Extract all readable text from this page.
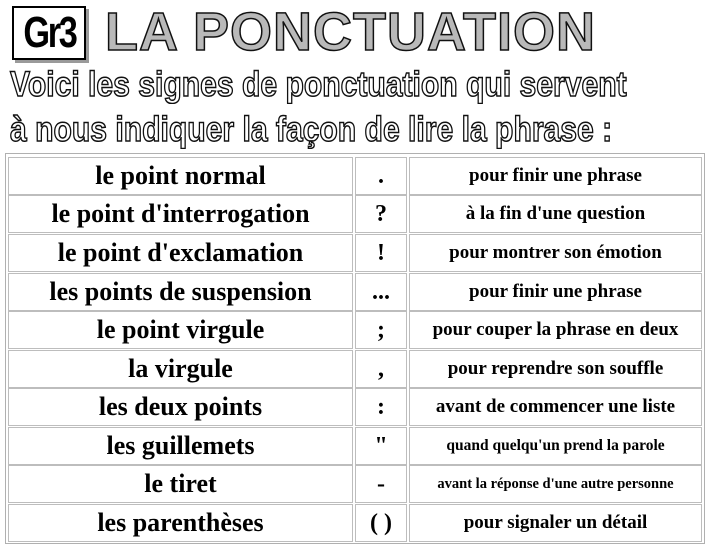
Gr3 LA PONCTUATION
Voici les signes de ponctuation qui servent
à nous indiquer la façon de lire la phrase :
le point normal	.	pour finir une phrase
le point d'interrogation	?	à la fin d'une question
le point d'exclamation	!	pour montrer son émotion
les points de suspension	...	pour finir une phrase
le point virgule	;	pour couper la phrase en deux
la virgule	,	pour reprendre son souffle
les deux points	:	avant de commencer une liste
les guillemets	"	quand quelqu'un prend la parole
le tiret	-	avant la réponse d'une autre personne
les parenthèses	( )	pour signaler un détail
